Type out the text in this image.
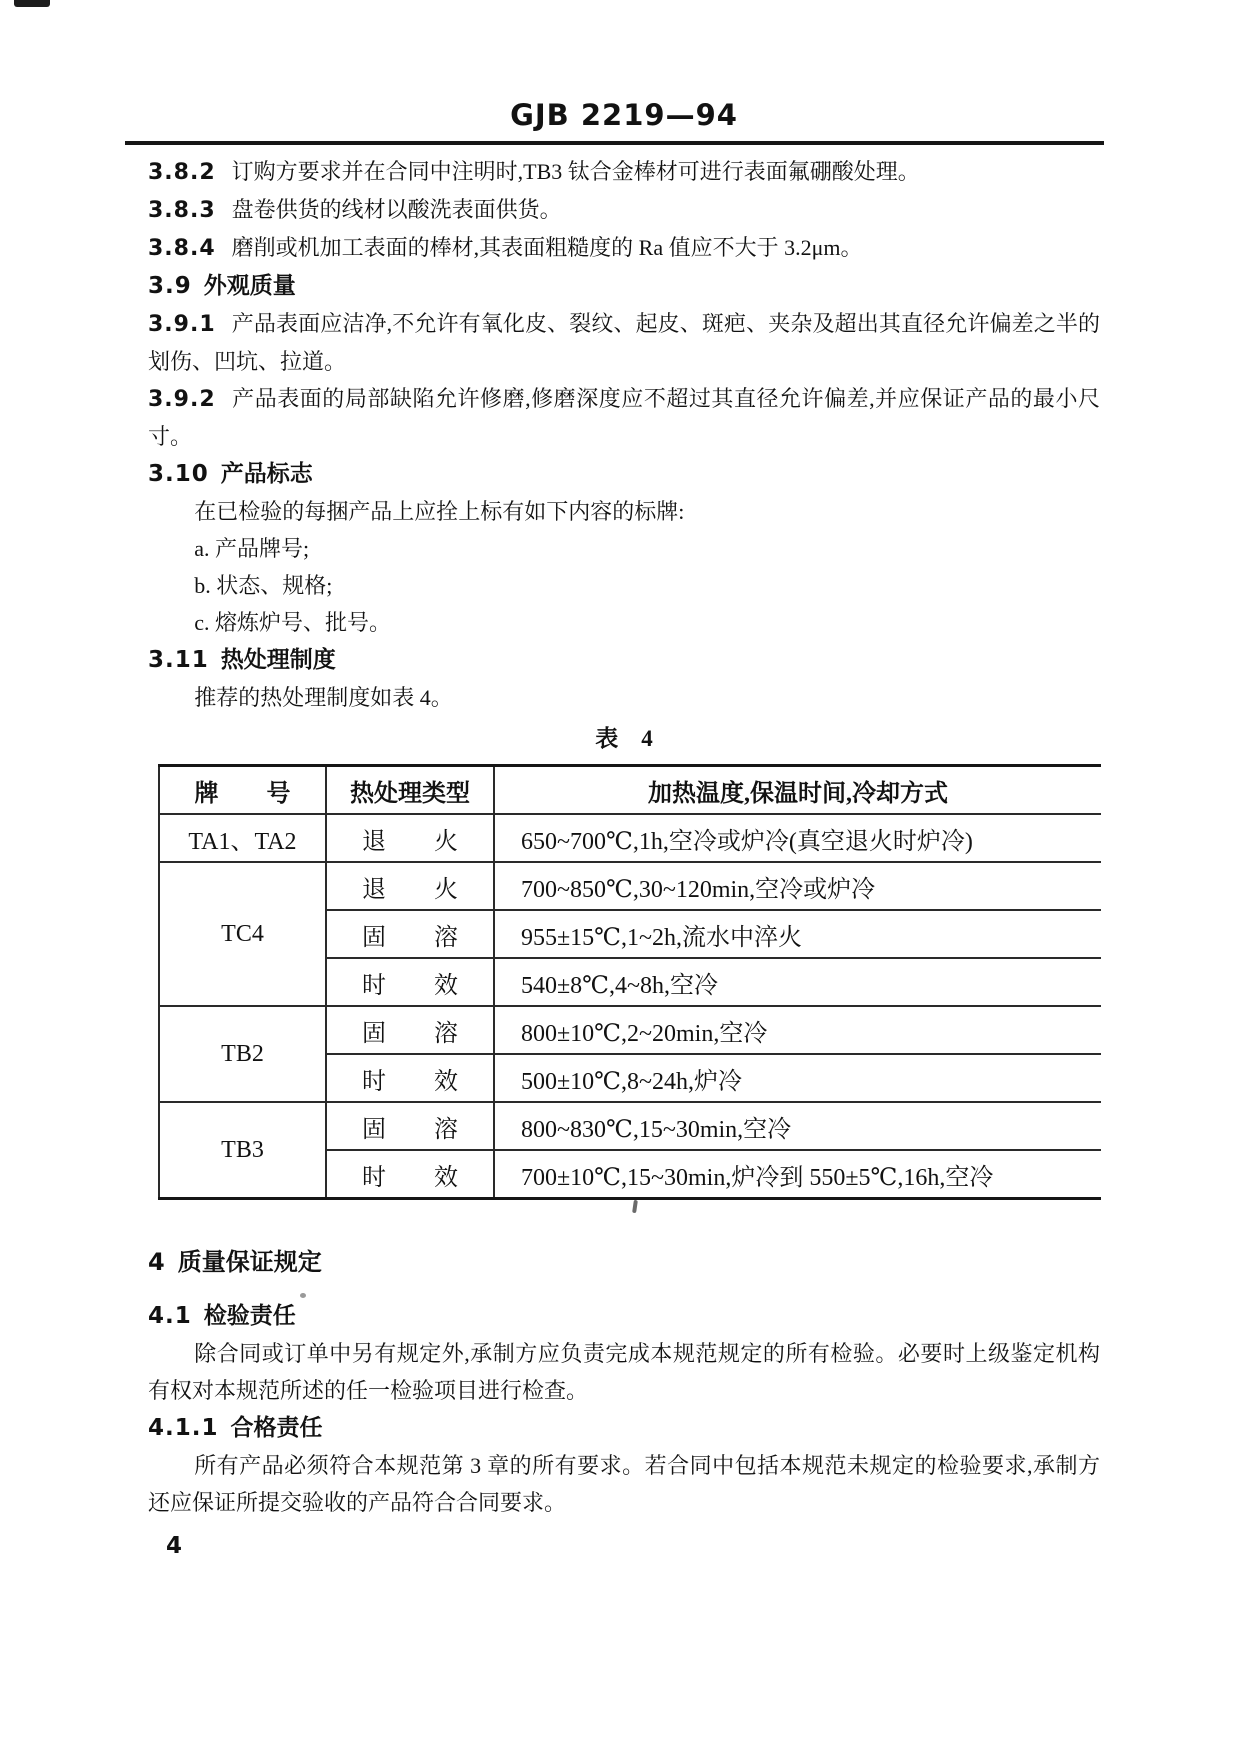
GJB 2219—94

3.8.2 订购方要求并在合同中注明时,TB3 钛合金棒材可进行表面氟硼酸处理。

3.8.3 盘卷供货的线材以酸洗表面供货。

3.8.4 磨削或机加工表面的棒材,其表面粗糙度的 Ra 值应不大于 3.2μm。

3.9 外观质量

3.9.1 产品表面应洁净,不允许有氧化皮、裂纹、起皮、斑疤、夹杂及超出其直径允许偏差之半的划伤、凹坑、拉道。

3.9.2 产品表面的局部缺陷允许修磨,修磨深度应不超过其直径允许偏差,并应保证产品的最小尺寸。

3.10 产品标志

在已检验的每捆产品上应拴上标有如下内容的标牌:

a. 产品牌号;

b. 状态、规格;

c. 熔炼炉号、批号。

3.11 热处理制度

推荐的热处理制度如表 4。

表　4
牌　　号	热处理类型	加热温度,保温时间,冷却方式
TA1、TA2	退　　火	650~700℃,1h,空冷或炉冷(真空退火时炉冷)
TC4	退　　火	700~850℃,30~120min,空冷或炉冷
	固　　溶	955±15℃,1~2h,流水中淬火
	时　　效	540±8℃,4~8h,空冷
TB2	固　　溶	800±10℃,2~20min,空冷
	时　　效	500±10℃,8~24h,炉冷
TB3	固　　溶	800~830℃,15~30min,空冷
	时　　效	700±10℃,15~30min,炉冷到 550±5℃,16h,空冷

4 质量保证规定

4.1 检验责任

除合同或订单中另有规定外,承制方应负责完成本规范规定的所有检验。必要时上级鉴定机构有权对本规范所述的任一检验项目进行检查。

4.1.1 合格责任

所有产品必须符合本规范第 3 章的所有要求。若合同中包括本规范未规定的检验要求,承制方还应保证所提交验收的产品符合合同要求。

4
